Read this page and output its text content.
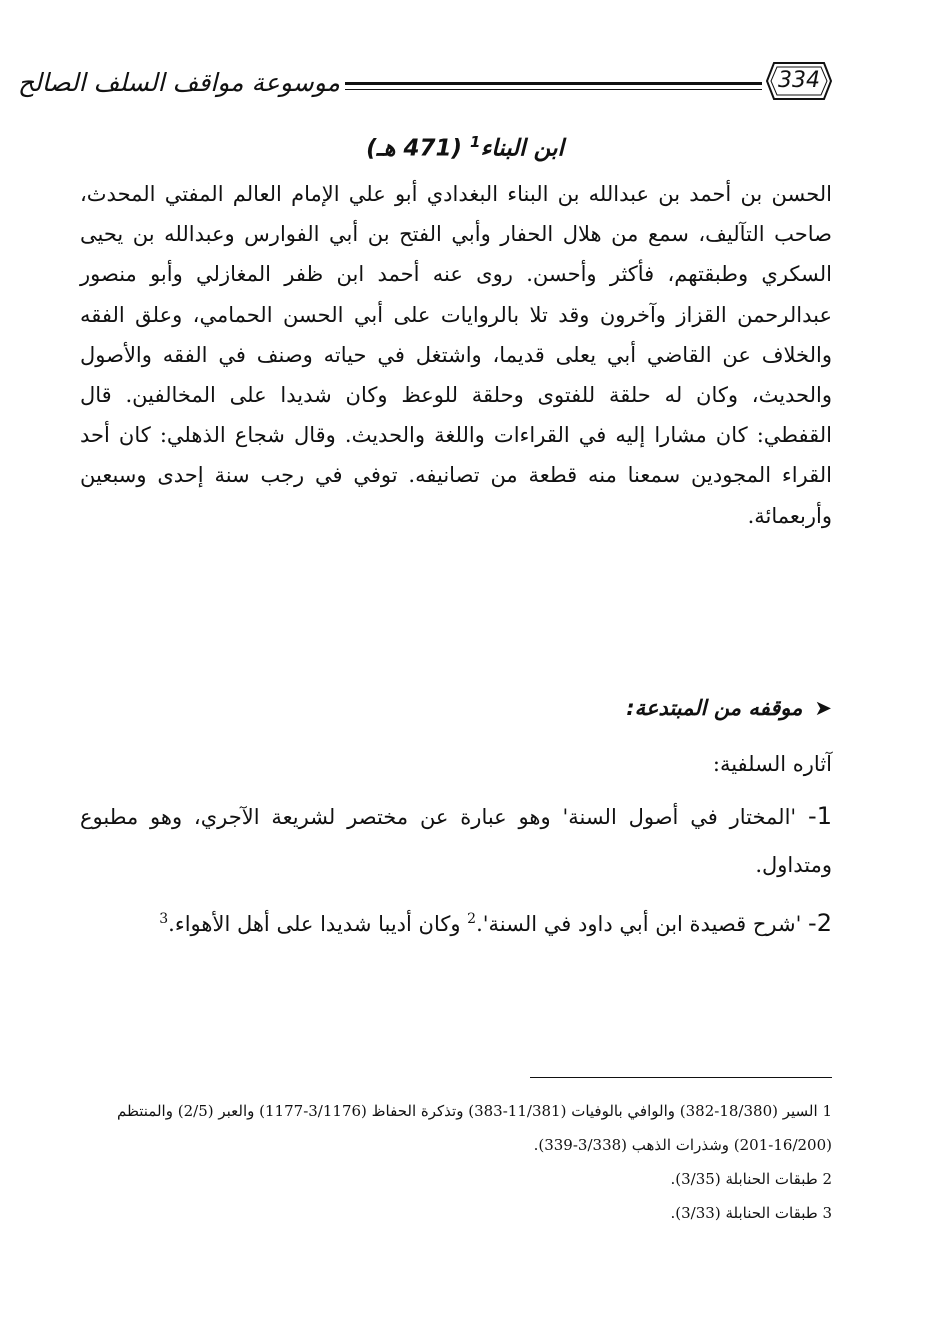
موسوعة مواقف السلف الصالح	334
ابن البناء$^1$ (471 هـ)

الحسن بن أحمد بن عبدالله بن البناء البغدادي أبو علي الإمام العالم المفتي المحدث، صاحب التآليف، سمع من هلال الحفار وأبي الفتح بن أبي الفوارس وعبدالله بن يحيى السكري وطبقتهم، فأكثر وأحسن. روى عنه أحمد ابن ظفر المغازلي وأبو منصور عبدالرحمن القزاز وآخرون وقد تلا بالروايات على أبي الحسن الحمامي، وعلق الفقه والخلاف عن القاضي أبي يعلى قديما، واشتغل في حياته وصنف في الفقه والأصول والحديث، وكان له حلقة للفتوى وحلقة للوعظ وكان شديدا على المخالفين. قال القفطي: كان مشارا إليه في القراءات واللغة والحديث. وقال شجاع الذهلي: كان أحد القراء المجودين سمعنا منه قطعة من تصانيفه. توفي في رجب سنة إحدى وسبعين وأربعمائة.

➤موقفه من المبتدعة:
آثاره السلفية:
1- 'المختار في أصول السنة' وهو عبارة عن مختصر لشريعة الآجري، وهو مطبوع ومتداول.
2- 'شرح قصيدة ابن أبي داود في السنة'.$^2$ وكان أديبا شديدا على أهل الأهواء.$^3$

1 السير (18/380-382) والوافي بالوفيات (11/381-383) وتذكرة الحفاظ (3/1176-1177) والعبر (2/5) والمنتظم (16/200-201) وشذرات الذهب (3/338-339).

2 طبقات الحنابلة (3/35).

3 طبقات الحنابلة (3/33).
